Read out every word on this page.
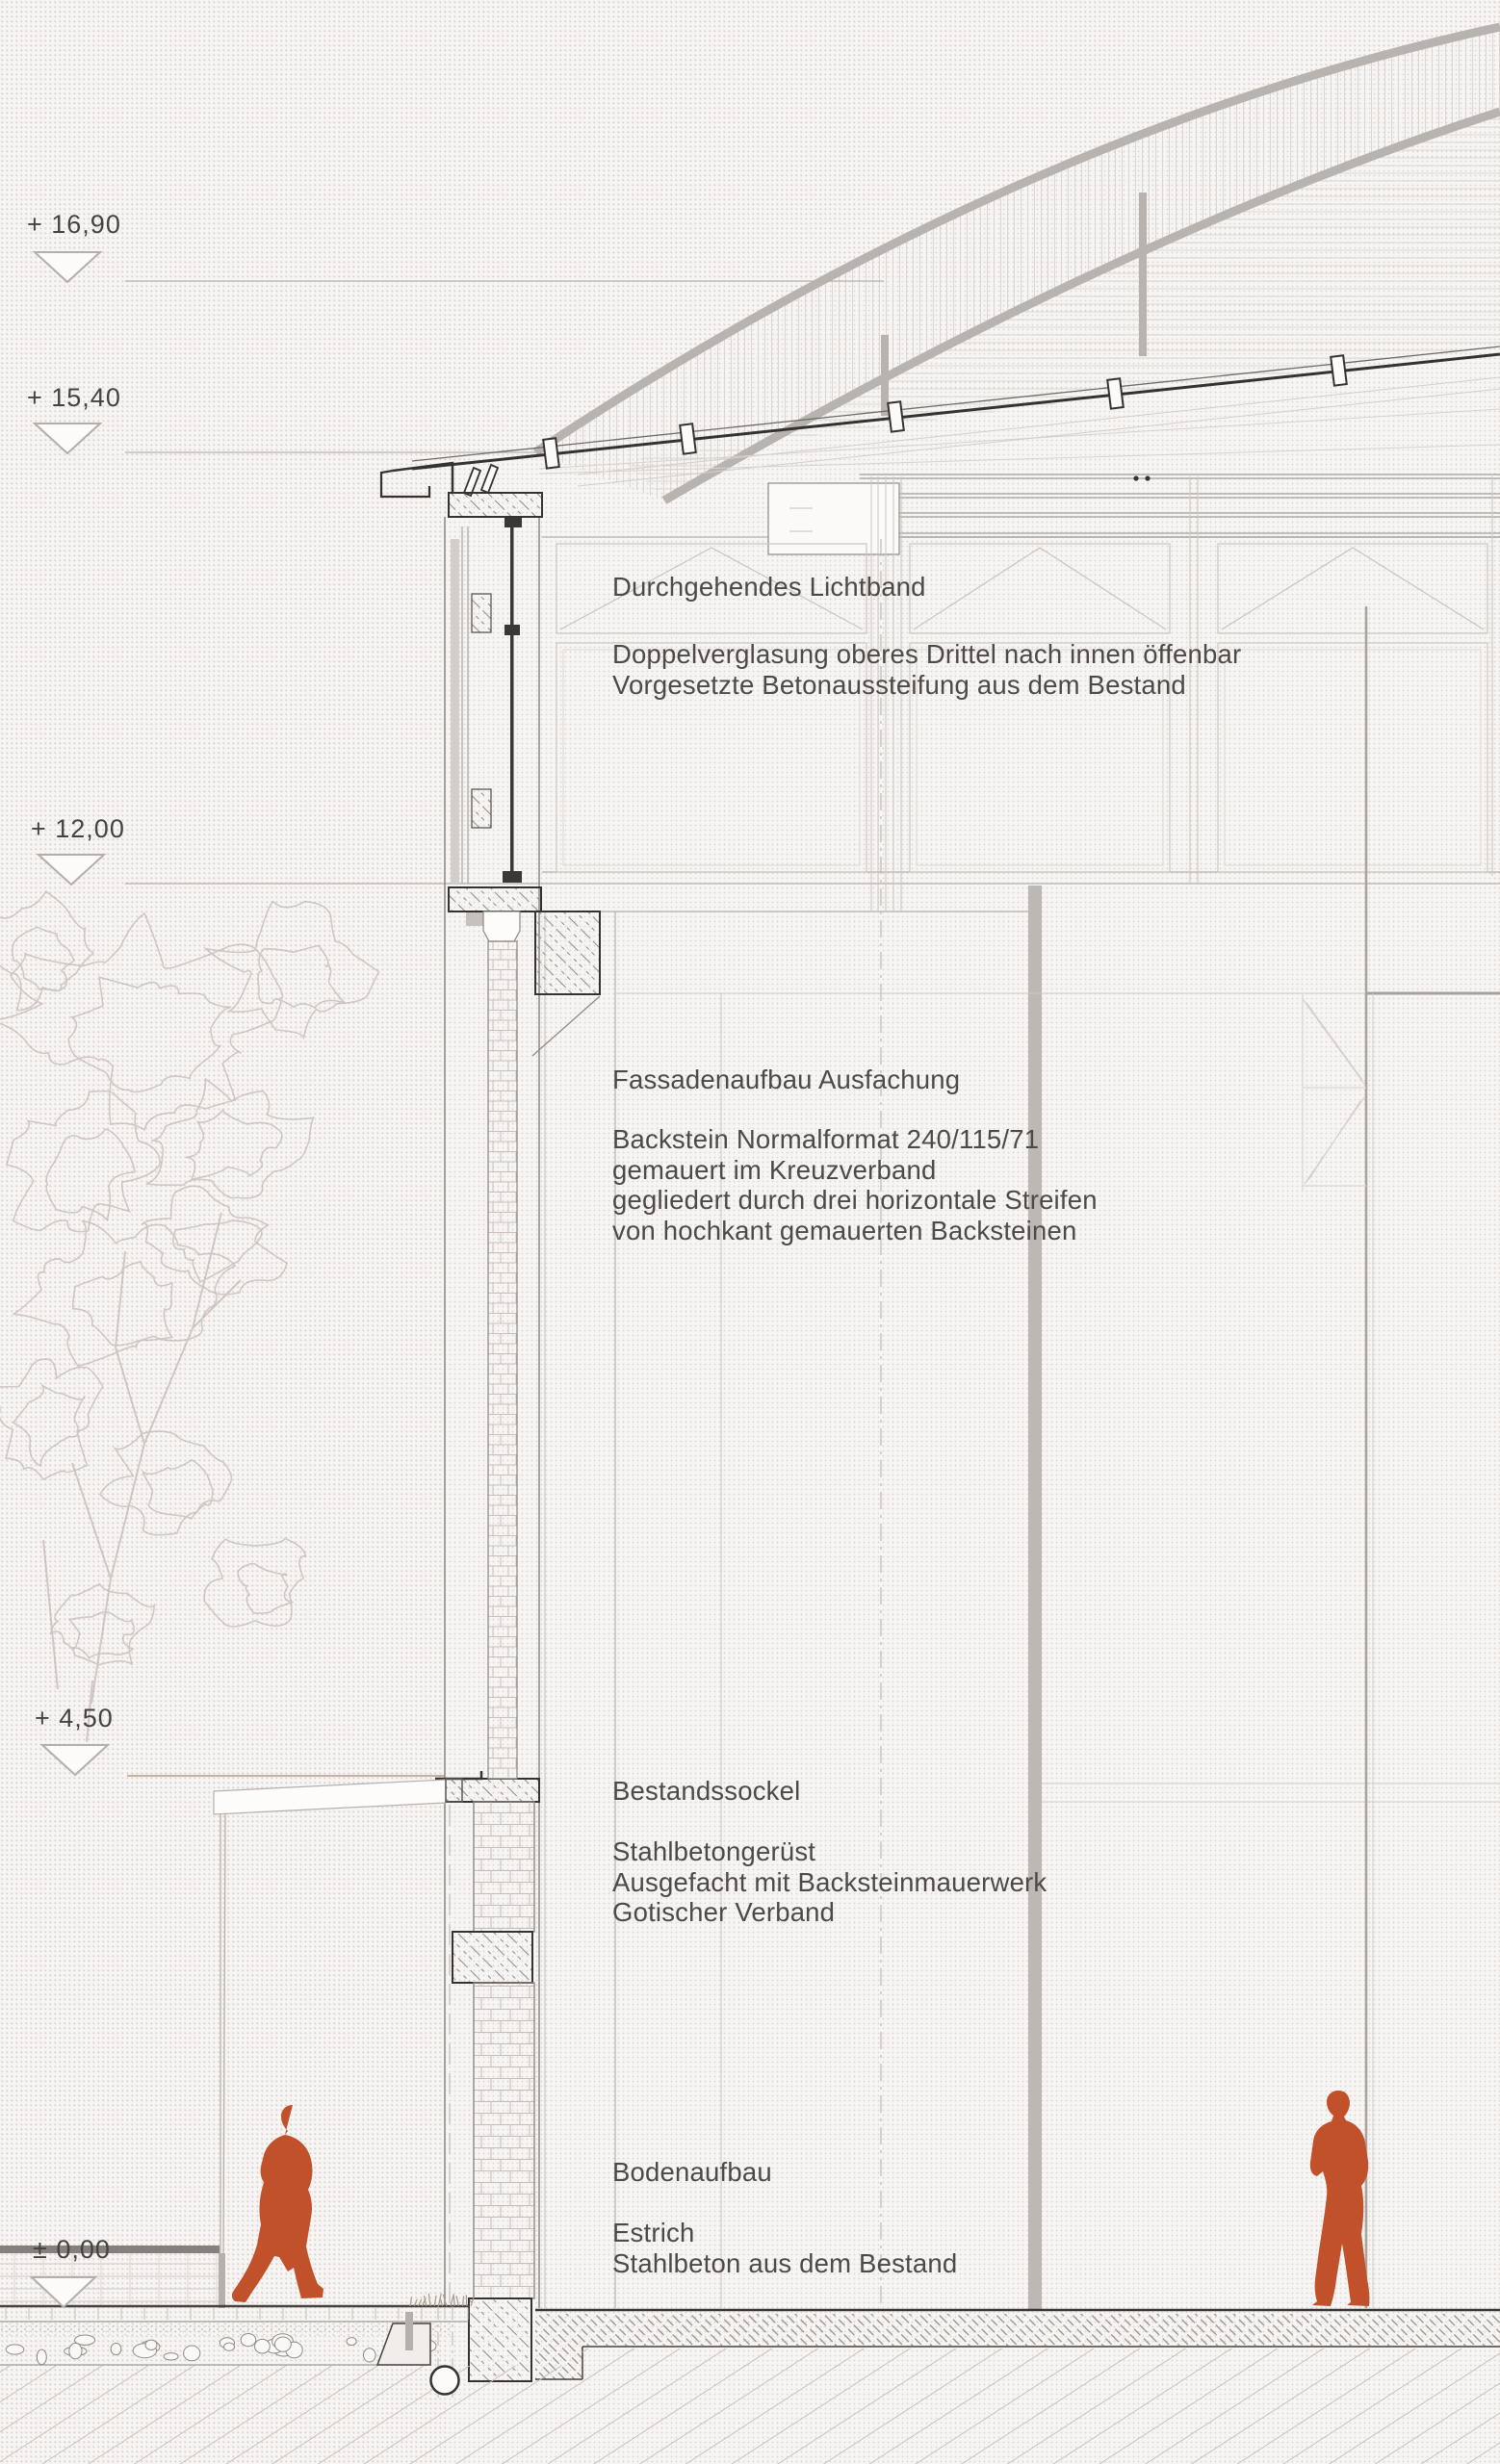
+ 16,90
+ 15,40
+ 12,00
+ 4,50
± 0,00
Durchgehendes Lichtband
Doppelverglasung oberes Drittel nach innen öffenbar
Vorgesetzte Betonaussteifung aus dem Bestand
Fassadenaufbau Ausfachung
Backstein Normalformat 240/115/71
gemauert im Kreuzverband
gegliedert durch drei horizontale Streifen
von hochkant gemauerten Backsteinen
Bestandssockel
Stahlbetongerüst
Ausgefacht mit Backsteinmauerwerk
Gotischer Verband
Bodenaufbau
Estrich
Stahlbeton aus dem Bestand
